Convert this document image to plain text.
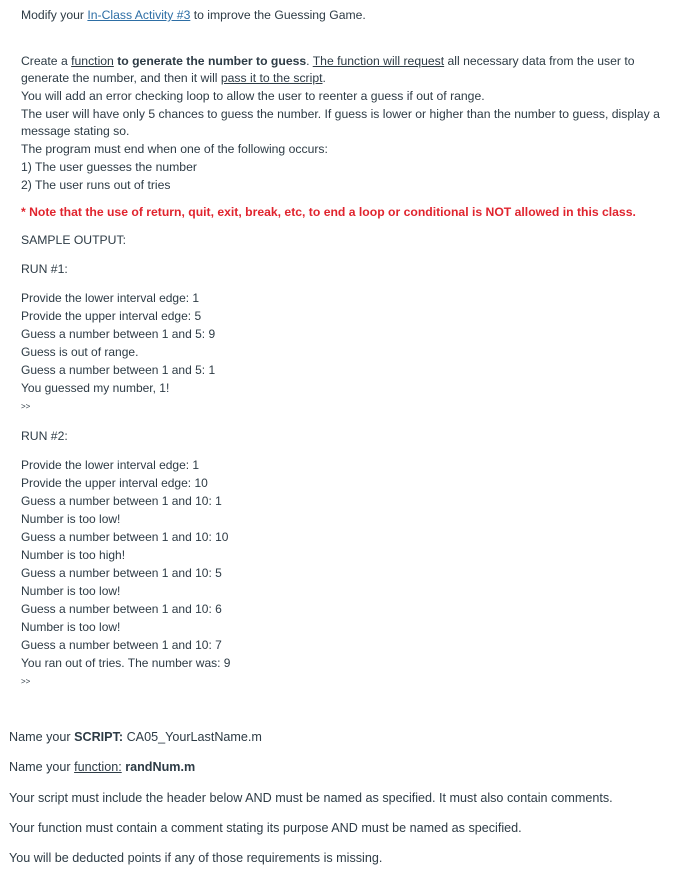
Modify your In-Class Activity #3 to improve the Guessing Game.
Create a function to generate the number to guess. The function will request all necessary data from the user to
generate the number, and then it will pass it to the script.
You will add an error checking loop to allow the user to reenter a guess if out of range.
The user will have only 5 chances to guess the number. If guess is lower or higher than the number to guess, display a
message stating so.
The program must end when one of the following occurs:
1) The user guesses the number
2) The user runs out of tries
* Note that the use of return, quit, exit, break, etc, to end a loop or conditional is NOT allowed in this class.
SAMPLE OUTPUT:
RUN #1:
Provide the lower interval edge: 1
Provide the upper interval edge: 5
Guess a number between 1 and 5: 9
Guess is out of range.
Guess a number between 1 and 5: 1
You guessed my number, 1!
>>
RUN #2:
Provide the lower interval edge: 1
Provide the upper interval edge: 10
Guess a number between 1 and 10: 1
Number is too low!
Guess a number between 1 and 10: 10
Number is too high!
Guess a number between 1 and 10: 5
Number is too low!
Guess a number between 1 and 10: 6
Number is too low!
Guess a number between 1 and 10: 7
You ran out of tries. The number was: 9
>>
Name your SCRIPT: CA05_YourLastName.m
Name your function: randNum.m
Your script must include the header below AND must be named as specified. It must also contain comments.
Your function must contain a comment stating its purpose AND must be named as specified.
You will be deducted points if any of those requirements is missing.
